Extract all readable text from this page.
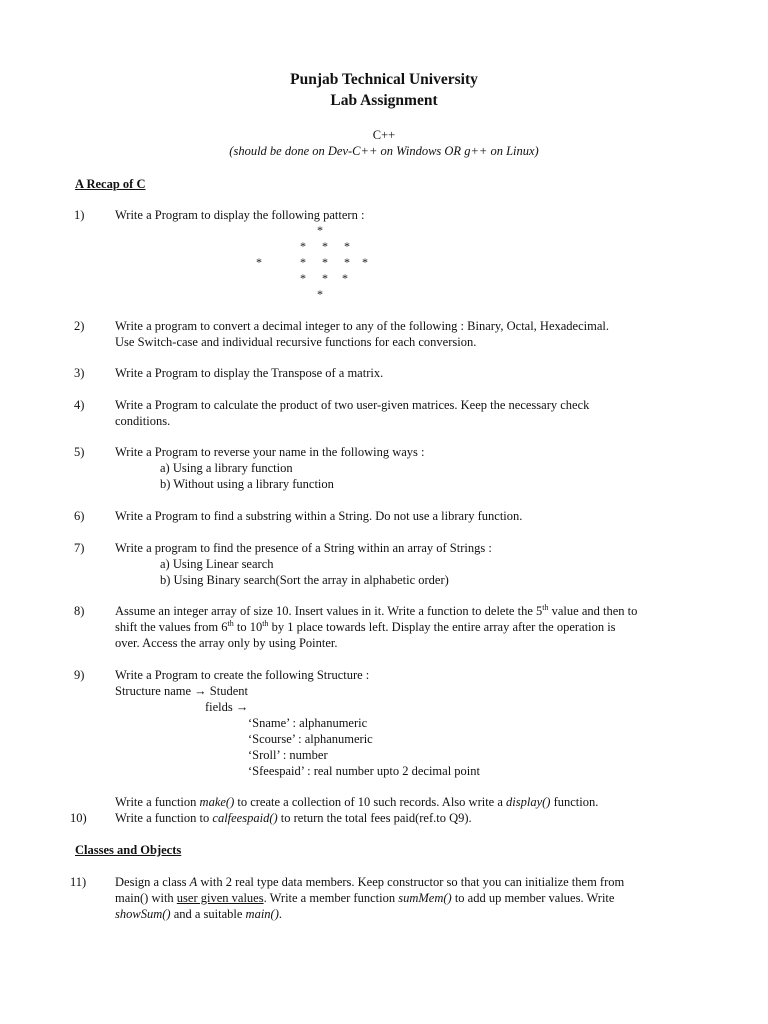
Punjab Technical University
Lab Assignment
C++
(should be done on Dev-C++ on Windows OR g++ on Linux)
A Recap of C
1) Write a Program to display the following pattern :
*
* * *
*	* * * *
* * *
*
2) Write a program to convert a decimal integer to any of the following : Binary, Octal, Hexadecimal.
Use Switch-case and individual recursive functions for each conversion.
3) Write a Program to display the Transpose of a matrix.
4) Write a Program to calculate the product of two user-given matrices. Keep the necessary check
conditions.
5) Write a Program to reverse your name in the following ways :
a) Using a library function
b) Without using a library function
6) Write a Program to find a substring within a String. Do not use a library function.
7) Write a program to find the presence of a String within an array of Strings :
a) Using Linear search
b) Using Binary search(Sort the array in alphabetic order)
8) Assume an integer array of size 10. Insert values in it. Write a function to delete the 5th value and then to
shift the values from 6th to 10th by 1 place towards left. Display the entire array after the operation is
over. Access the array only by using Pointer.
9) Write a Program to create the following Structure :
Structure name → Student
fields →
‘Sname’ : alphanumeric
‘Scourse’ : alphanumeric
‘Sroll’ : number
‘Sfeespaid’ : real number upto 2 decimal point
Write a function make() to create a collection of 10 such records. Also write a display() function.
10) Write a function to calfeespaid() to return the total fees paid(ref.to Q9).
Classes and Objects
11) Design a class A with 2 real type data members. Keep constructor so that you can initialize them from
main() with user given values. Write a member function sumMem() to add up member values. Write
showSum() and a suitable main().
